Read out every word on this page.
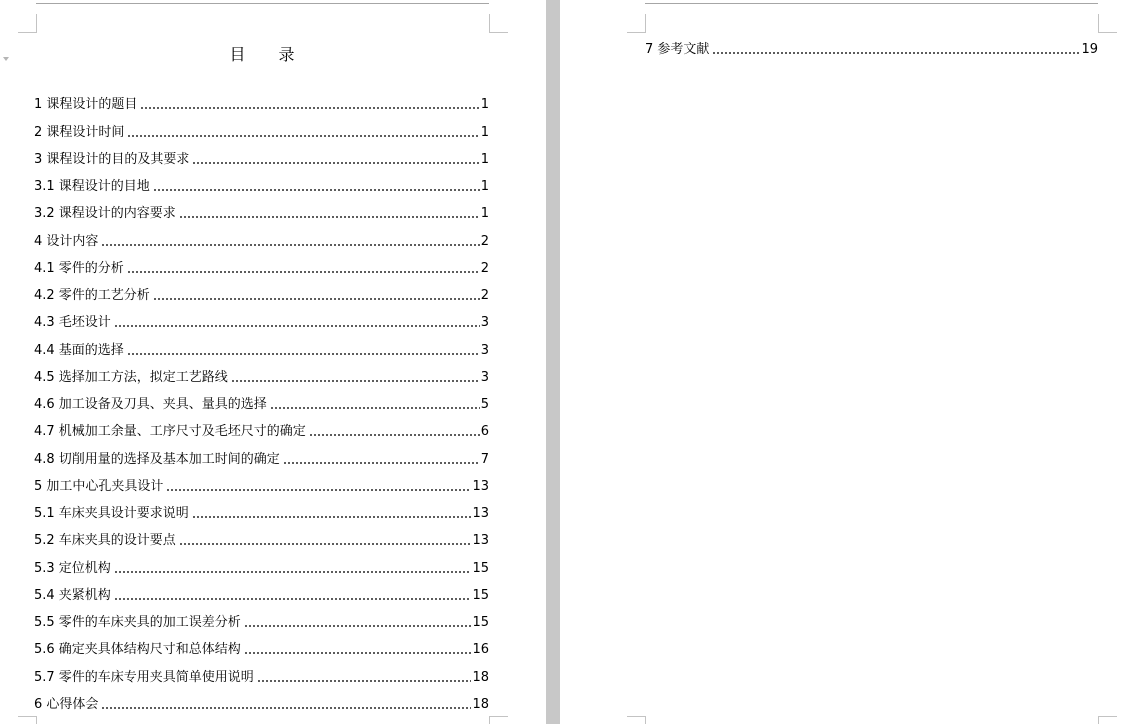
目 录
1 课程设计的题目	1
2 课程设计时间	1
3 课程设计的目的及其要求	1
3.1 课程设计的目地	1
3.2 课程设计的内容要求	1
4 设计内容	2
4.1 零件的分析	2
4.2 零件的工艺分析	2
4.3 毛坯设计	3
4.4 基面的选择	3
4.5 选择加工方法，拟定工艺路线	3
4.6 加工设备及刀具、夹具、量具的选择	5
4.7 机械加工余量、工序尺寸及毛坯尺寸的确定	6
4.8 切削用量的选择及基本加工时间的确定	7
5 加工中心孔夹具设计	13
5.1 车床夹具设计要求说明	13
5.2 车床夹具的设计要点	13
5.3 定位机构	15
5.4 夹紧机构	15
5.5 零件的车床夹具的加工误差分析	15
5.6 确定夹具体结构尺寸和总体结构	16
5.7 零件的车床专用夹具简单使用说明	18
6 心得体会	18
7 参考文献	19
